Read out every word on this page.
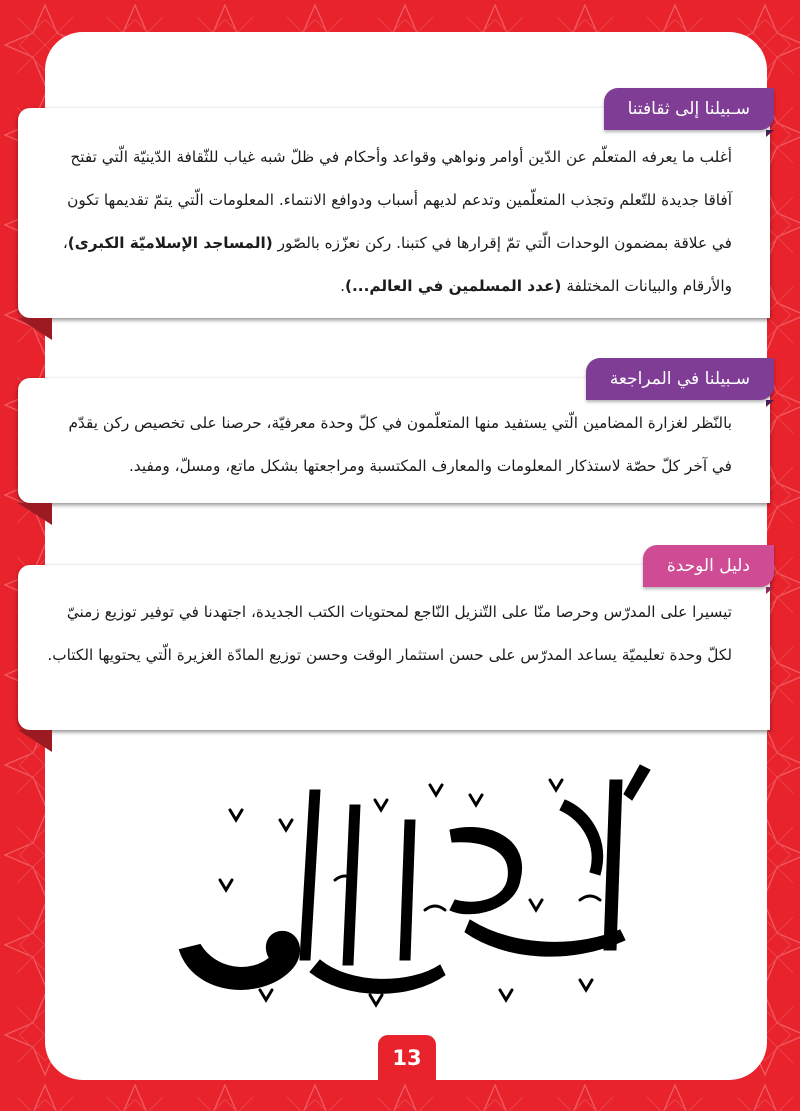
أغلب ما يعرفه المتعلّم عن الدّين أوامر ونواهي وقواعد وأحكام في ظلّ شبه غياب للثّقافة الدّينيّة الّتي تفتح آفاقا جديدة للتّعلم وتجذب المتعلّمين وتدعم لديهم أسباب ودوافع الانتماء. المعلومات الّتي يتمّ تقديمها تكون في علاقة بمضمون الوحدات الّتي تمّ إقرارها في كتبنا. ركن نعزّزه بالصّور (المساجد الإسلاميّة الكبرى)، والأرقام والبيانات المختلفة (عدد المسلمين في العالم...).

سـبيلنا إلى ثقافتنا

بالنّظر لغزارة المضامين الّتي يستفيد منها المتعلّمون في كلّ وحدة معرفيّة، حرصنا على تخصيص ركن يقدّم في آخر كلّ حصّة لاستذكار المعلومات والمعارف المكتسبة ومراجعتها بشكل ماتع، ومسلّ، ومفيد.

سـبيلنا في المراجعة

تيسيرا على المدرّس وحرصا منّا على التّنزيل النّاجع لمحتويات الكتب الجديدة، اجتهدنا في توفير توزيع زمنيّ لكلّ وحدة تعليميّة يساعد المدرّس على حسن استثمار الوقت وحسن توزيع المادّة الغزيرة الّتي يحتويها الكتاب.

دليل الوحدة
13
